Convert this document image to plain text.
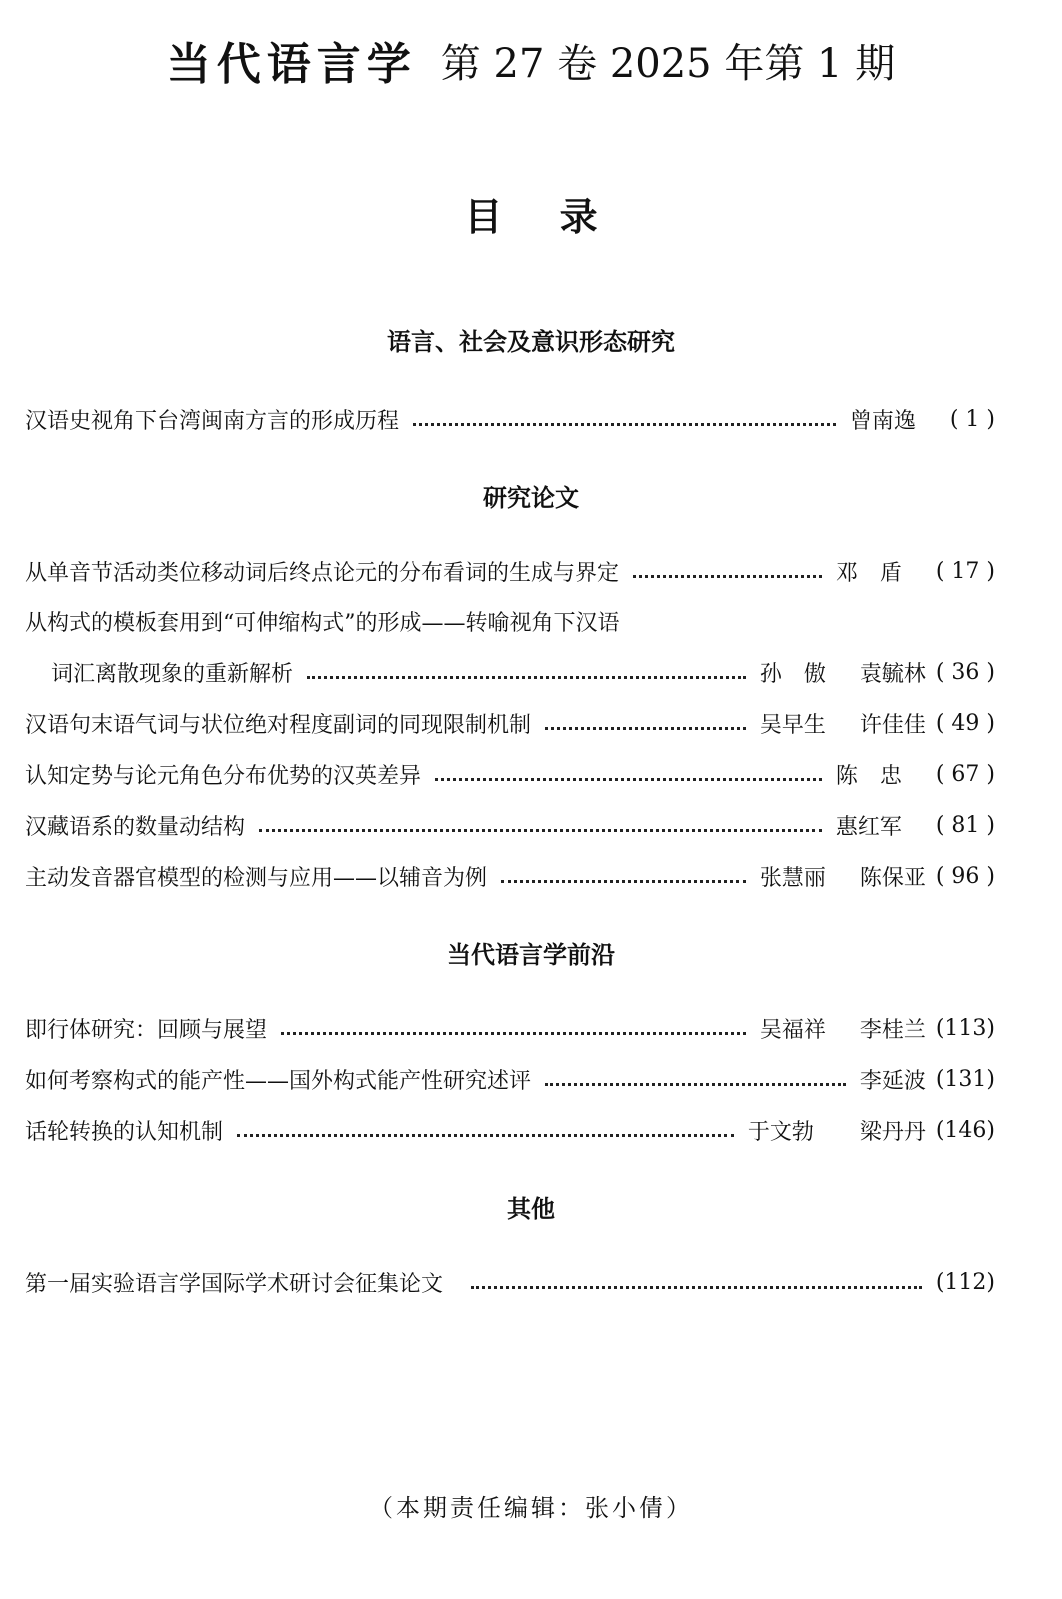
当代语言学 第 27 卷 2025 年第 1 期
目 录
语言、社会及意识形态研究
汉语史视角下台湾闽南方言的形成历程	曾南逸	( 1 )
研究论文
从单音节活动类位移动词后终点论元的分布看词的生成与界定	邓　盾	( 17 )
从构式的模板套用到“可伸缩构式”的形成——转喻视角下汉语
词汇离散现象的重新解析	孙　傲	袁毓林 ( 36 )
汉语句末语气词与状位绝对程度副词的同现限制机制	吴早生	许佳佳 ( 49 )
认知定势与论元角色分布优势的汉英差异	陈　忠	( 67 )
汉藏语系的数量动结构	惠红军	( 81 )
主动发音器官模型的检测与应用——以辅音为例	张慧丽	陈保亚 ( 96 )
当代语言学前沿
即行体研究：回顾与展望	吴福祥	李桂兰 (113)
如何考察构式的能产性——国外构式能产性研究述评	李延波 (131)
话轮转换的认知机制	于文勃	梁丹丹 (146)
其他
第一届实验语言学国际学术研讨会征集论文	(112)
（本期责任编辑：张小倩）
